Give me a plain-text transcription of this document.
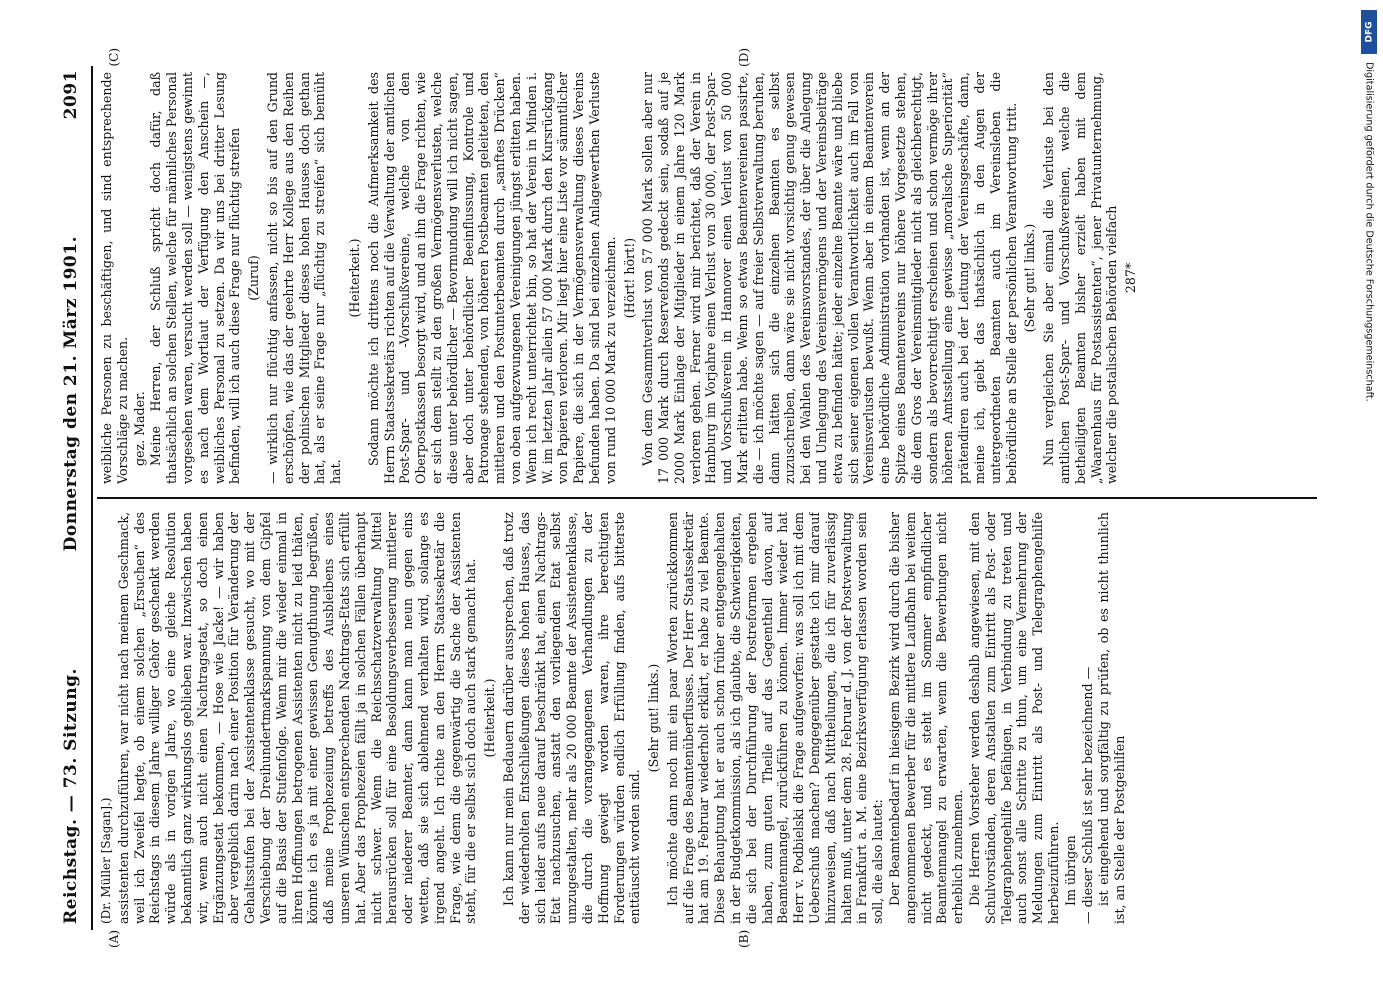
Reichstag. — 73. Sitzung.
Donnerstag den 21. März 1901.
2091
(A)	(B)
(C)	(D)

(Dr. Müller [Sagan].) assistenten durchzuführen, war nicht nach meinem Geschmack, weil ich Zweifel hegte, ob einem solchen „Ersuchen“ des Reichstags in diesem Jahre williger Gehör geschenkt werden würde als in vorigen Jahre, wo eine gleiche Resolution bekanntlich ganz wirkungslos geblieben war. Inzwischen haben wir, wenn auch nicht einen Nachtragsetat, so doch einen Ergänzungsetat bekommen, — Hose wie Jacke! — wir haben aber vergeblich darin nach einer Position für Veränderung der Gehaltsstufen bei der Assistentenklasse gesucht, wo mit der Verschiebung der Dreihundertmarkspannung von dem Gipfel auf die Basis der Stufenfolge. Wenn mir die wieder einmal in ihren Hoffnungen betrogenen Assistenten nicht zu leid thäten, könnte ich es ja mit einer gewissen Genugthuung begrüßen, daß meine Prophezeiung betreffs des Ausbleibens eines unseren Wünschen entsprechenden Nachtrags-Etats sich erfüllt hat. Aber das Prophezeien fällt ja in solchen Fällen überhaupt nicht schwer. Wenn die Reichsschatzverwaltung Mittel herausrücken soll für eine Besoldungsverbesserung mittlerer oder niederer Beamter, dann kann man neun gegen eins wetten, daß sie sich ablehnend verhalten wird, solange es irgend angeht. Ich richte an den Herrn Staatssekretär die Frage, wie denn die gegenwärtig die Sache der Assistenten steht, für die er selbst sich doch auch stark gemacht hat. (Heiterkeit.) Ich kann nur mein Bedauern darüber aussprechen, daß trotz der wiederholten Entschließungen dieses hohen Hauses, das sich leider aufs neue darauf beschränkt hat, einen Nachtrags-Etat nachzusuchen, anstatt den vorliegenden Etat selbst umzugestalten, mehr als 20 000 Beamte der Assistentenklasse, die durch die vorangegangenen Verhandlungen zu der Hoffnung gewiegt worden waren, ihre berechtigten Forderungen würden endlich Erfüllung finden, aufs bitterste enttäuscht worden sind.

(Sehr gut! links.) Ich möchte dann noch mit ein paar Worten zurückkommen auf die Frage des Beamtenüberflusses. Der Herr Staatssekretär hat am 19. Februar wiederholt erklärt, er habe zu viel Beamte. Diese Behauptung hat er auch schon früher entgegengehalten in der Budgetkommission, als ich glaubte, die Schwierigkeiten, die sich bei der Durchführung der Postreformen ergeben haben, zum guten Theile auf das Gegentheil davon, auf Beamtenmangel, zurückführen zu können. Immer wieder hat Herr v. Podbielski die Frage aufgeworfen: was soll ich mit dem Ueberschuß machen? Demgegenüber gestatte ich mir darauf hinzuweisen, daß nach Mittheilungen, die ich für zuverlässig halten muß, unter dem 28. Februar d. J. von der Postverwaltung in Frankfurt a. M. eine Bezirksverfügung erlassen worden sein soll, die also lautet: Der Beamtenbedarf in hiesigem Bezirk wird durch die bisher angenommenen Bewerber für die mittlere Laufbahn bei weitem nicht gedeckt, und es steht im Sommer empfindlicher Beamtenmangel zu erwarten, wenn die Bewerbungen nicht erheblich zunehmen. Die Herren Vorsteher werden deshalb angewiesen, mit den Schulvorständen, deren Anstalten zum Eintritt als Post- oder Telegraphengehilfe befähigen, in Verbindung zu treten und auch sonst alle Schritte zu thun, um eine Vermehrung der Meldungen zum Eintritt als Post- und Telegraphengehilfe herbeizuführen. Im übrigen — dieser Schluß ist sehr bezeichnend — ist eingehend und sorgfältig zu prüfen, ob es nicht thunlich ist, an Stelle der Postgehilfen

weibliche Personen zu beschäftigen, und sind entsprechende Vorschläge zu machen. gez. Mader. Meine Herren, der Schluß spricht doch dafür, daß thatsächlich an solchen Stellen, welche für männliches Personal vorgesehen waren, versucht werden soll — wenigstens gewinnt es nach dem Wortlaut der Verfügung den Anschein —, weibliches Personal zu setzen. Da wir uns bei dritter Lesung befinden, will ich auch diese Frage nur flüchtig streifen (Zuruf) — wirklich nur flüchtig anfassen, nicht so bis auf den Grund erschöpfen, wie das der geehrte Herr Kollege aus den Reihen der polnischen Mitglieder dieses hohen Hauses doch gethan hat, als er seine Frage nur „flüchtig zu streifen“ sich bemüht hat.

(Heiterkeit.) Sodann möchte ich drittens noch die Aufmerksamkeit des Herrn Staatssekretärs richten auf die Verwaltung der amtlichen Post-Spar- und -Vorschußvereine, welche von den Oberpostkassen besorgt wird, und an ihn die Frage richten, wie er sich dem stellt zu den großen Vermögensverlusten, welche diese unter behördlicher — Bevormundung will ich nicht sagen, aber doch unter behördlicher Beeinflussung, Kontrole und Patronage stehenden, von höheren Postbeamten geleiteten, den mittleren und den Postunterbeamten durch „sanftes Drücken“ von oben aufgezwungenen Vereinigungen jüngst erlitten haben. Wenn ich recht unterrichtet bin, so hat der Verein in Minden i. W. im letzten Jahr allein 57 000 Mark durch den Kursrückgang von Papieren verloren. Mir liegt hier eine Liste vor sämmtlicher Papiere, die sich in der Vermögensverwaltung dieses Vereins befunden haben. Da sind bei einzelnen Anlagewerthen Verluste von rund 10 000 Mark zu verzeichnen. (Hört! hört!) Von dem Gesammtverlust von 57 000 Mark sollen aber nur 17 000 Mark durch Reservefonds gedeckt sein, sodaß auf je 2000 Mark Einlage der Mitglieder in einem Jahre 120 Mark verloren gehen. Ferner wird mir berichtet, daß der Verein in Hamburg im Vorjahre einen Verlust von 30 000, der Post-Spar- und Vorschußverein in Hannover einen Verlust von 50 000 Mark erlitten habe. Wenn so etwas Beamtenvereinen passirte, die — ich möchte sagen — auf freier Selbstverwaltung beruhen, dann hätten sich die einzelnen Beamten es selbst zuzuschreiben, dann wäre sie nicht vorsichtig genug gewesen bei den Wahlen des Vereinsvorstandes, der über die Anlegung und Umlegung des Vereinsvermögens und der Vereinsbeiträge etwa zu befinden hätte; jeder einzelne Beamte wäre und bliebe sich seiner eigenen vollen Verantwortlichkeit auch im Fall von Vereinsverlusten bewußt. Wenn aber in einem Beamtenverein eine behördliche Administration vorhanden ist, wenn an der Spitze eines Beamtenvereins nur höhere Vorgesetzte stehen, die dem Gros der Vereinsmitglieder nicht als gleichberechtigt, sondern als bevorrechtigt erscheinen und schon vermöge ihrer höheren Amtsstellung eine gewisse „moralische Superiorität“ prätendiren auch bei der Leitung der Vereinsgeschäfte, dann, meine ich, giebt das thatsächlich in den Augen der untergeordneten Beamten auch im Vereinsleben die behördliche an Stelle der persönlichen Verantwortung tritt. (Sehr gut! links.) Nun vergleichen Sie aber einmal die Verluste bei den amtlichen Post-Spar- und Vorschußvereinen, welche die betheiligten Beamten bisher erzielt haben mit dem „Waarenhaus für Postassistenten“, jener Privatunternehmung, welcher die postalischen Behörden vielfach 287*

DFG
Digitalisierung gefördert durch die Deutsche Forschungsgemeinschaft.
